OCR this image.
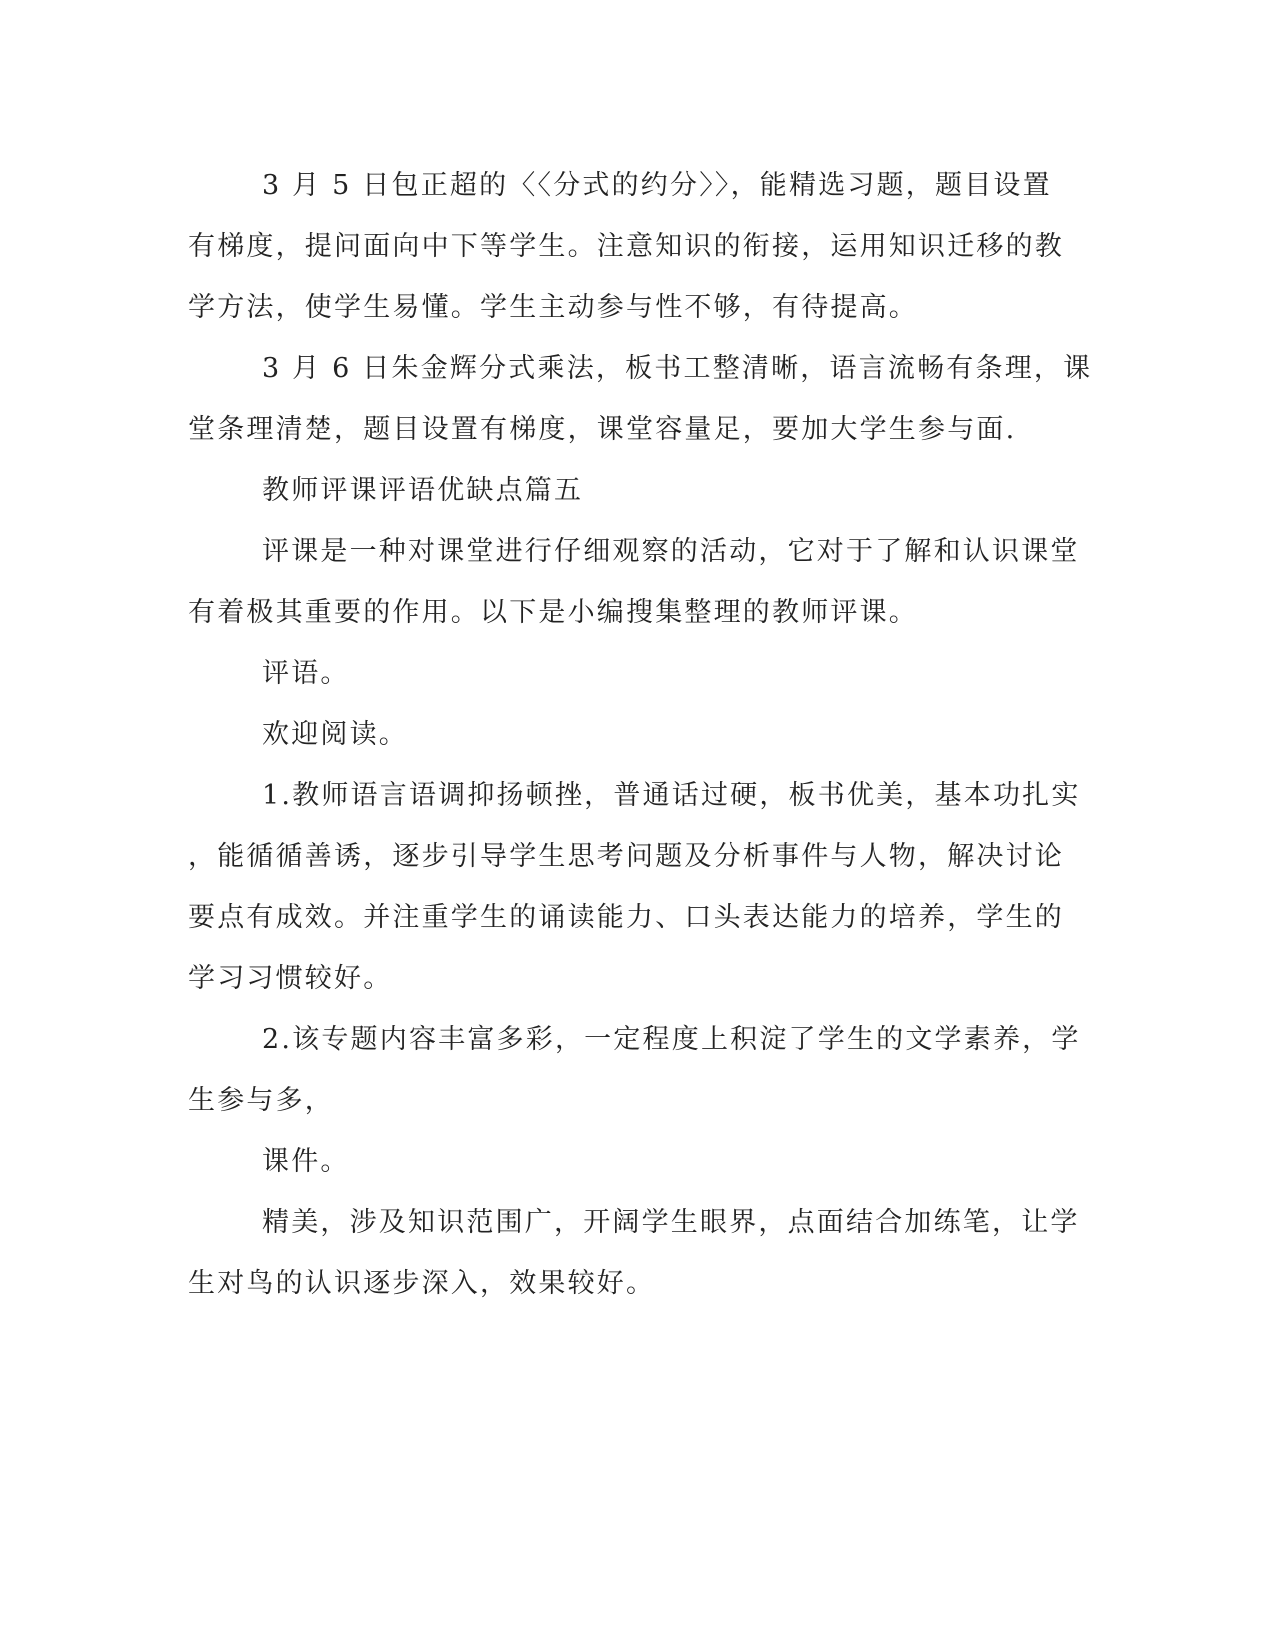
3 月 5 日包正超的〈〈分式的约分〉〉，能精选习题，题目设置
有梯度，提问面向中下等学生。注意知识的衔接，运用知识迁移的教
学方法，使学生易懂。学生主动参与性不够，有待提高。
3 月 6 日朱金辉分式乘法，板书工整清晰，语言流畅有条理，课
堂条理清楚，题目设置有梯度，课堂容量足，要加大学生参与面.
教师评课评语优缺点篇五
评课是一种对课堂进行仔细观察的活动，它对于了解和认识课堂
有着极其重要的作用。以下是小编搜集整理的教师评课。
评语。
欢迎阅读。
1.教师语言语调抑扬顿挫，普通话过硬，板书优美，基本功扎实
，能循循善诱，逐步引导学生思考问题及分析事件与人物，解决讨论
要点有成效。并注重学生的诵读能力、口头表达能力的培养，学生的
学习习惯较好。
2.该专题内容丰富多彩，一定程度上积淀了学生的文学素养，学
生参与多，
课件。
精美，涉及知识范围广，开阔学生眼界，点面结合加练笔，让学
生对鸟的认识逐步深入，效果较好。
